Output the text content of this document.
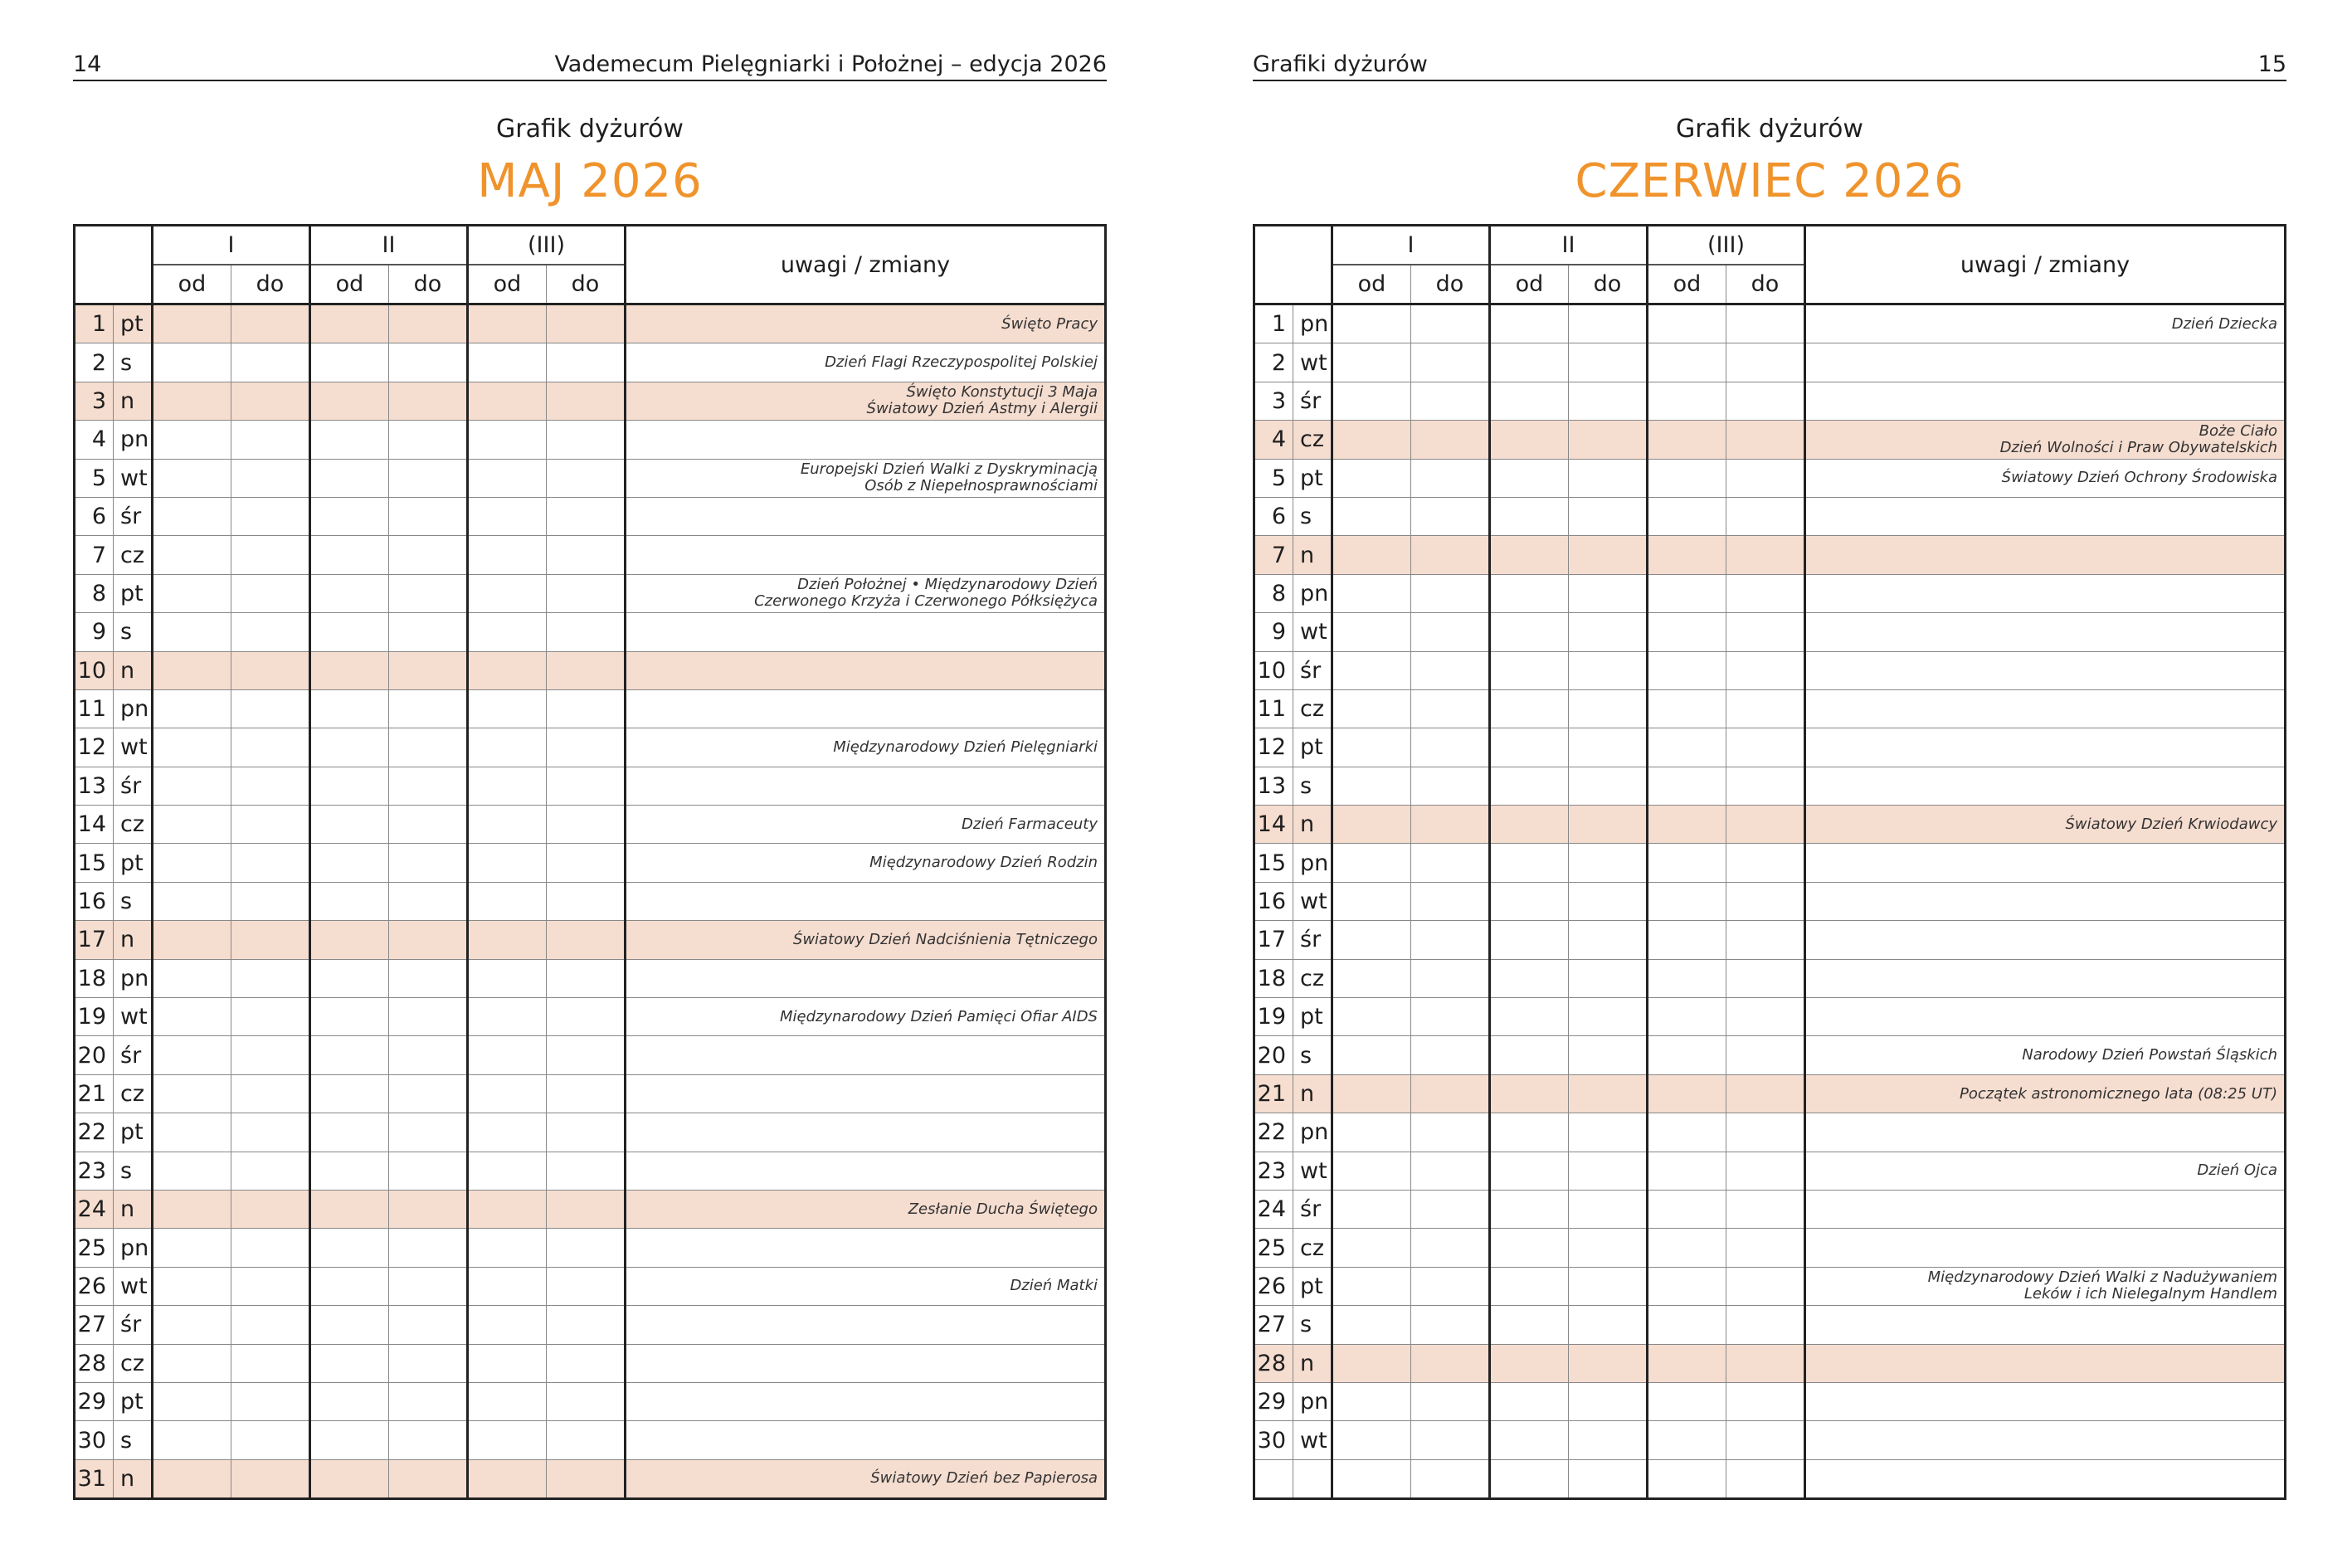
14	Vademecum Pielęgniarki i Położnej – edycja 2026
Grafik dyżurów
MAJ 2026
		I		II		(III)		uwagi / zmiany
		od	do	od	do	od	do	
1	pt							Święto Pracy
2	s							Dzień Flagi Rzeczypospolitej Polskiej
3	n							Święto Konstytucji 3 Maja
Światowy Dzień Astmy i Alergii
4	pn							
5	wt							Europejski Dzień Walki z Dyskryminacją
Osób z Niepełnosprawnościami
6	śr							
7	cz							
8	pt							Dzień Położnej • Międzynarodowy Dzień
Czerwonego Krzyża i Czerwonego Półksiężyca
9	s							
10	n							
11	pn							
12	wt							Międzynarodowy Dzień Pielęgniarki
13	śr							
14	cz							Dzień Farmaceuty
15	pt							Międzynarodowy Dzień Rodzin
16	s							
17	n							Światowy Dzień Nadciśnienia Tętniczego
18	pn							
19	wt							Międzynarodowy Dzień Pamięci Ofiar AIDS
20	śr							
21	cz							
22	pt							
23	s							
24	n							Zesłanie Ducha Świętego
25	pn							
26	wt							Dzień Matki
27	śr							
28	cz							
29	pt							
30	s							
31	n							Światowy Dzień bez Papierosa
Grafiki dyżurów	15
Grafik dyżurów
CZERWIEC 2026
		I		II		(III)		uwagi / zmiany
		od	do	od	do	od	do	
1	pn							Dzień Dziecka
2	wt							
3	śr							
4	cz							Boże Ciało
Dzień Wolności i Praw Obywatelskich
5	pt							Światowy Dzień Ochrony Środowiska
6	s							
7	n							
8	pn							
9	wt							
10	śr							
11	cz							
12	pt							
13	s							
14	n							Światowy Dzień Krwiodawcy
15	pn							
16	wt							
17	śr							
18	cz							
19	pt							
20	s							Narodowy Dzień Powstań Śląskich
21	n							Początek astronomicznego lata (08:25 UT)
22	pn							
23	wt							Dzień Ojca
24	śr							
25	cz							
26	pt							Międzynarodowy Dzień Walki z Nadużywaniem
Leków i ich Nielegalnym Handlem
27	s							
28	n							
29	pn							
30	wt							
